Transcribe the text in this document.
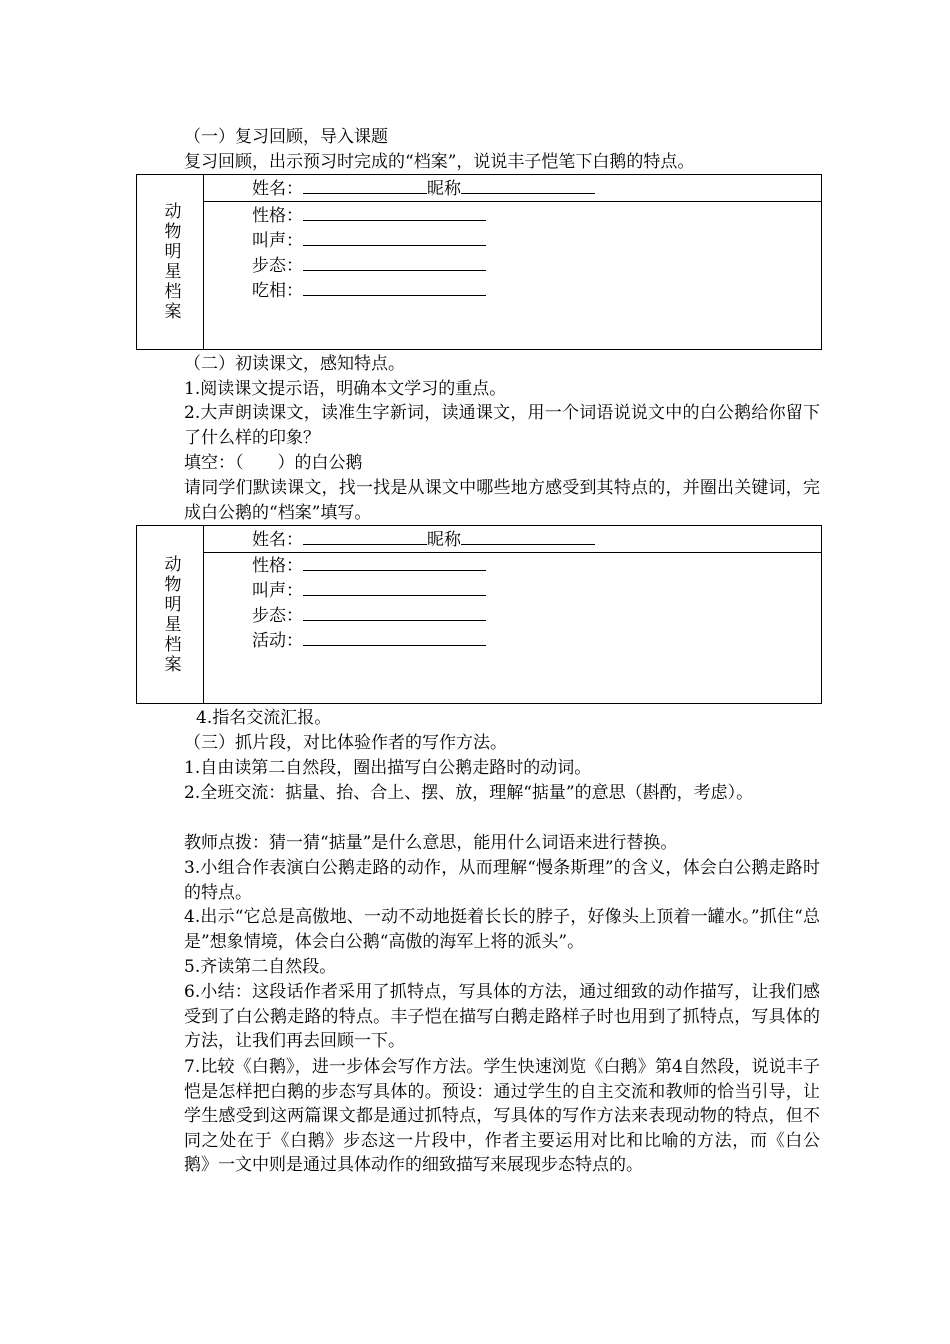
（一）复习回顾，导入课题
复习回顾，出示预习时完成的“档案”，说说丰子恺笔下白鹅的特点。
动物明星档案
姓名：	昵称
性格：
叫声：
步态：
吃相：
（二）初读课文，感知特点。
1.阅读课文提示语，明确本文学习的重点。
2.大声朗读课文，读准生字新词，读通课文，用一个词语说说文中的白公鹅给你留下了什么样的印象？
填空：（　　）的白公鹅
请同学们默读课文，找一找是从课文中哪些地方感受到其特点的，并圈出关键词，完成白公鹅的“档案”填写。
动物明星档案
姓名：	昵称
性格：
叫声：
步态：
活动：
4.指名交流汇报。
（三）抓片段，对比体验作者的写作方法。
1.自由读第二自然段，圈出描写白公鹅走路时的动词。
2.全班交流：掂量、抬、合上、摆、放，理解“掂量”的意思（斟酌，考虑）。
教师点拨：猜一猜“掂量”是什么意思，能用什么词语来进行替换。
3.小组合作表演白公鹅走路的动作，从而理解“慢条斯理”的含义，体会白公鹅走路时的特点。
4.出示“它总是高傲地、一动不动地挺着长长的脖子，好像头上顶着一罐水。”抓住“总是”想象情境，体会白公鹅“高傲的海军上将的派头”。
5.齐读第二自然段。
6.小结：这段话作者采用了抓特点，写具体的方法，通过细致的动作描写，让我们感受到了白公鹅走路的特点。丰子恺在描写白鹅走路样子时也用到了抓特点，写具体的方法，让我们再去回顾一下。
7.比较《白鹅》，进一步体会写作方法。学生快速浏览《白鹅》第4自然段，说说丰子恺是怎样把白鹅的步态写具体的。预设：通过学生的自主交流和教师的恰当引导，让学生感受到这两篇课文都是通过抓特点，写具体的写作方法来表现动物的特点，但不同之处在于《白鹅》步态这一片段中，作者主要运用对比和比喻的方法，而《白公鹅》一文中则是通过具体动作的细致描写来展现步态特点的。
